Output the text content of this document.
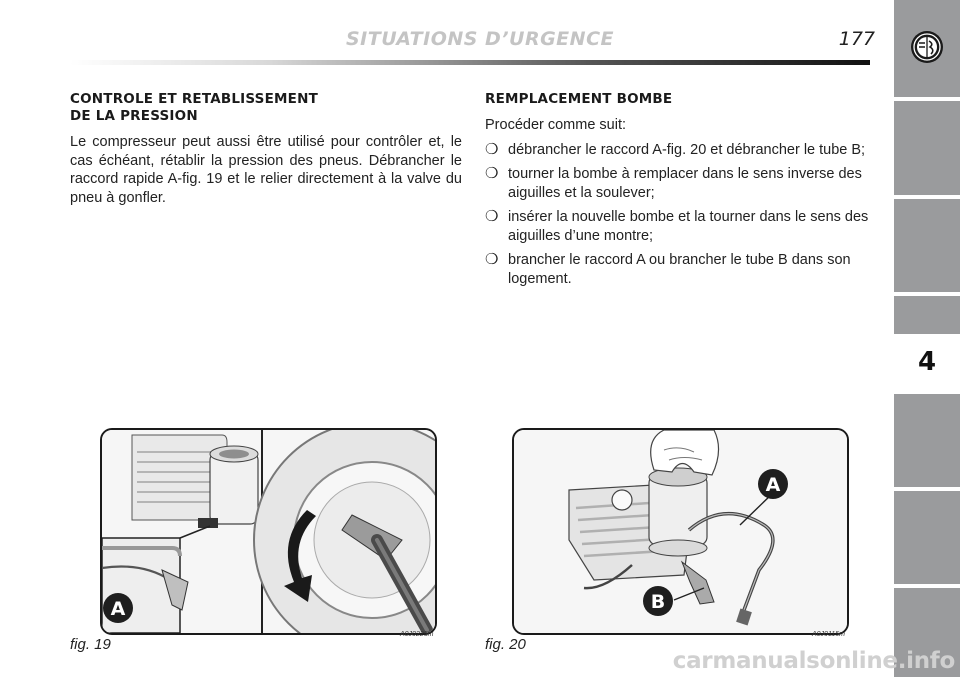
4
SITUATIONS D’URGENCE	177
CONTROLE ET RETABLISSEMENT
DE LA PRESSION

Le compresseur peut aussi être utilisé pour contrôler et, le cas échéant, rétablir la pression des pneus. Débrancher le raccord rapide A-fig. 19 et le relier directement à la valve du pneu à gonfler.

REMPLACEMENT BOMBE

Procéder comme suit:

❍ débrancher le raccord A-fig. 20 et débrancher le tube B;
❍ tourner la bombe à remplacer dans le sens inverse des aiguilles et la soulever;
❍ insérer la nouvelle bombe et la tourner dans le sens des aiguilles d’une montre;
❍ brancher le raccord A ou brancher le tube B dans son logement.
A
fig. 19
A0J0225m
A
B
fig. 20
A0J0115m
carmanualsonline.info
